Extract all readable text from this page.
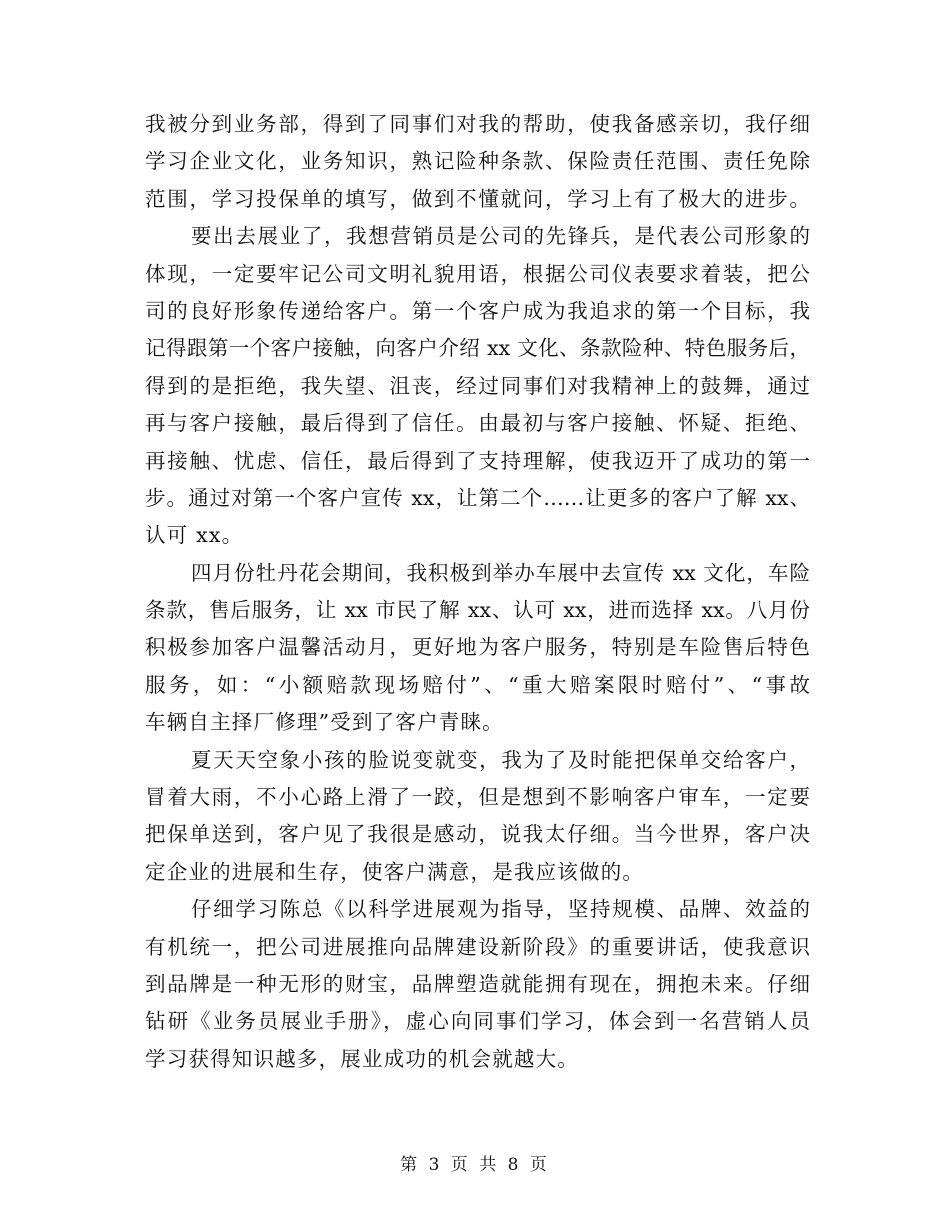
我被分到业务部，得到了同事们对我的帮助，使我备感亲切，我仔细
学习企业文化，业务知识，熟记险种条款、保险责任范围、责任免除
范围，学习投保单的填写，做到不懂就问，学习上有了极大的进步。
要出去展业了，我想营销员是公司的先锋兵，是代表公司形象的
体现，一定要牢记公司文明礼貌用语，根据公司仪表要求着装，把公
司的良好形象传递给客户。第一个客户成为我追求的第一个目标，我
记得跟第一个客户接触，向客户介绍 xx 文化、条款险种、特色服务后，
得到的是拒绝，我失望、沮丧，经过同事们对我精神上的鼓舞，通过
再与客户接触，最后得到了信任。由最初与客户接触、怀疑、拒绝、
再接触、忧虑、信任，最后得到了支持理解，使我迈开了成功的第一
步。通过对第一个客户宣传 xx，让第二个……让更多的客户了解 xx、
认可 xx。
四月份牡丹花会期间，我积极到举办车展中去宣传 xx 文化，车险
条款，售后服务，让 xx 市民了解 xx、认可 xx，进而选择 xx。八月份
积极参加客户温馨活动月，更好地为客户服务，特别是车险售后特色
服务，如：“小额赔款现场赔付”、“重大赔案限时赔付”、“事故
车辆自主择厂修理”受到了客户青睐。
夏天天空象小孩的脸说变就变，我为了及时能把保单交给客户，
冒着大雨，不小心路上滑了一跤，但是想到不影响客户审车，一定要
把保单送到，客户见了我很是感动，说我太仔细。当今世界，客户决
定企业的进展和生存，使客户满意，是我应该做的。
仔细学习陈总《以科学进展观为指导，坚持规模、品牌、效益的
有机统一，把公司进展推向品牌建设新阶段》的重要讲话，使我意识
到品牌是一种无形的财宝，品牌塑造就能拥有现在，拥抱未来。仔细
钻研《业务员展业手册》，虚心向同事们学习，体会到一名营销人员
学习获得知识越多，展业成功的机会就越大。
第 3 页 共 8 页
